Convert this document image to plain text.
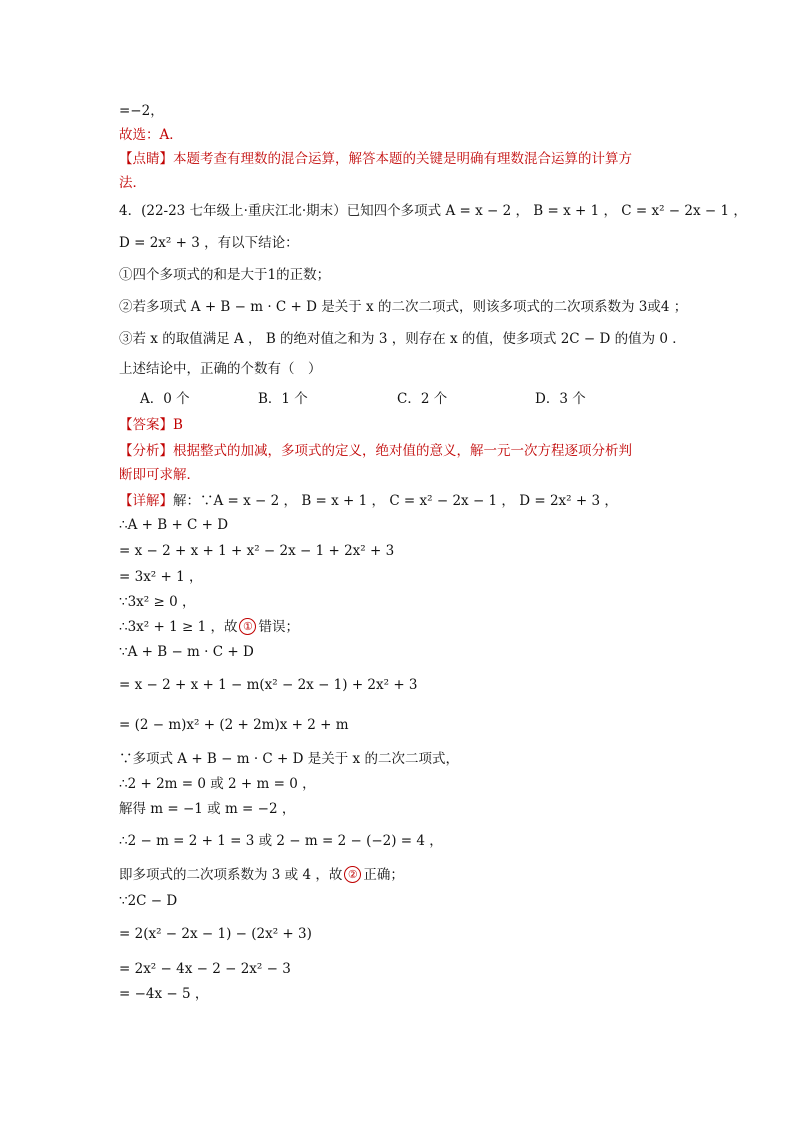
=−2，
故选：A．
【点睛】本题考查有理数的混合运算，解答本题的关键是明确有理数混合运算的计算方
法．
4．(22-23 七年级上·重庆江北·期末）已知四个多项式 A = x − 2 ， B = x + 1 ， C = x² − 2x − 1 ，
D = 2x² + 3 ，有以下结论：
①四个多项式的和是大于1的正数；
②若多项式 A + B − m · C + D 是关于 x 的二次二项式，则该多项式的二次项系数为 3或4 ；
③若 x 的取值满足 A ， B 的绝对值之和为 3 ，则存在 x 的值，使多项式 2C − D 的值为 0 ．
上述结论中，正确的个数有（　）
A．0 个	B．1 个	C．2 个	D．3 个
【答案】B
【分析】根据整式的加减，多项式的定义，绝对值的意义，解一元一次方程逐项分析判
断即可求解．
【详解】解：∵A = x − 2 ， B = x + 1 ， C = x² − 2x − 1 ， D = 2x² + 3 ，
∴A + B + C + D
= x − 2 + x + 1 + x² − 2x − 1 + 2x² + 3
= 3x² + 1 ，
∵3x² ≥ 0 ，
∴3x² + 1 ≥ 1 ，故 ① 错误；
∵A + B − m · C + D
= x − 2 + x + 1 − m(x² − 2x − 1) + 2x² + 3
= (2 − m)x² + (2 + 2m)x + 2 + m
∵多项式 A + B − m · C + D 是关于 x 的二次二项式，
∴2 + 2m = 0 或 2 + m = 0 ，
解得 m = −1 或 m = −2 ，
∴2 − m = 2 + 1 = 3 或 2 − m = 2 − (−2) = 4 ，
即多项式的二次项系数为 3 或 4 ，故 ② 正确；
∵2C − D
= 2(x² − 2x − 1) − (2x² + 3)
= 2x² − 4x − 2 − 2x² − 3
= −4x − 5 ，
